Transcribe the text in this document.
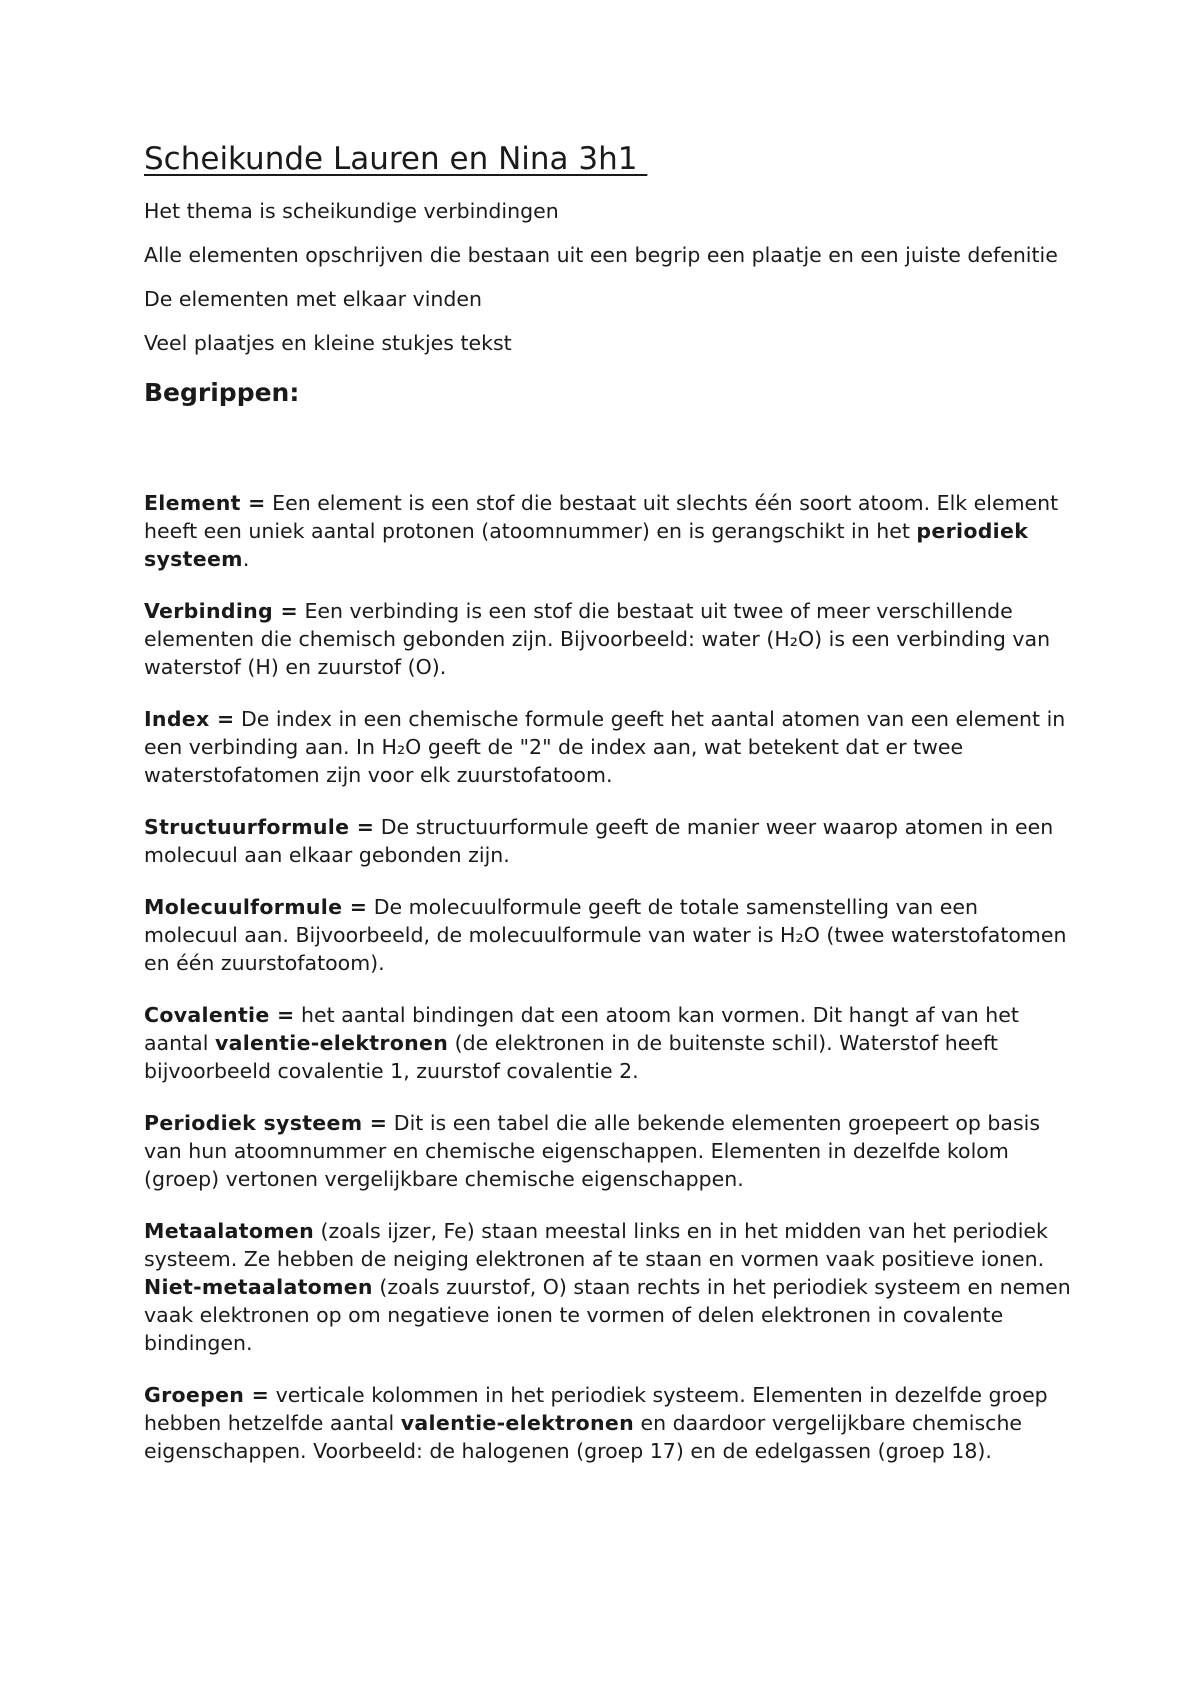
Scheikunde Lauren en Nina 3h1

Het thema is scheikundige verbindingen

Alle elementen opschrijven die bestaan uit een begrip een plaatje en een juiste defenitie

De elementen met elkaar vinden

Veel plaatjes en kleine stukjes tekst

Begrippen:

Element = Een element is een stof die bestaat uit slechts één soort atoom. Elk element heeft een uniek aantal protonen (atoomnummer) en is gerangschikt in het periodiek systeem.

Verbinding = Een verbinding is een stof die bestaat uit twee of meer verschillende elementen die chemisch gebonden zijn. Bijvoorbeeld: water (H₂O) is een verbinding van waterstof (H) en zuurstof (O).

Index = De index in een chemische formule geeft het aantal atomen van een element in een verbinding aan. In H₂O geeft de "2" de index aan, wat betekent dat er twee waterstofatomen zijn voor elk zuurstofatoom.

Structuurformule = De structuurformule geeft de manier weer waarop atomen in een molecuul aan elkaar gebonden zijn.

Molecuulformule = De molecuulformule geeft de totale samenstelling van een molecuul aan. Bijvoorbeeld, de molecuulformule van water is H₂O (twee waterstofatomen en één zuurstofatoom).

Covalentie = het aantal bindingen dat een atoom kan vormen. Dit hangt af van het aantal valentie-elektronen (de elektronen in de buitenste schil). Waterstof heeft bijvoorbeeld covalentie 1, zuurstof covalentie 2.

Periodiek systeem = Dit is een tabel die alle bekende elementen groepeert op basis van hun atoomnummer en chemische eigenschappen. Elementen in dezelfde kolom (groep) vertonen vergelijkbare chemische eigenschappen.

Metaalatomen (zoals ijzer, Fe) staan meestal links en in het midden van het periodiek systeem. Ze hebben de neiging elektronen af te staan en vormen vaak positieve ionen.

Niet-metaalatomen (zoals zuurstof, O) staan rechts in het periodiek systeem en nemen vaak elektronen op om negatieve ionen te vormen of delen elektronen in covalente bindingen.

Groepen = verticale kolommen in het periodiek systeem. Elementen in dezelfde groep hebben hetzelfde aantal valentie-elektronen en daardoor vergelijkbare chemische eigenschappen. Voorbeeld: de halogenen (groep 17) en de edelgassen (groep 18).
